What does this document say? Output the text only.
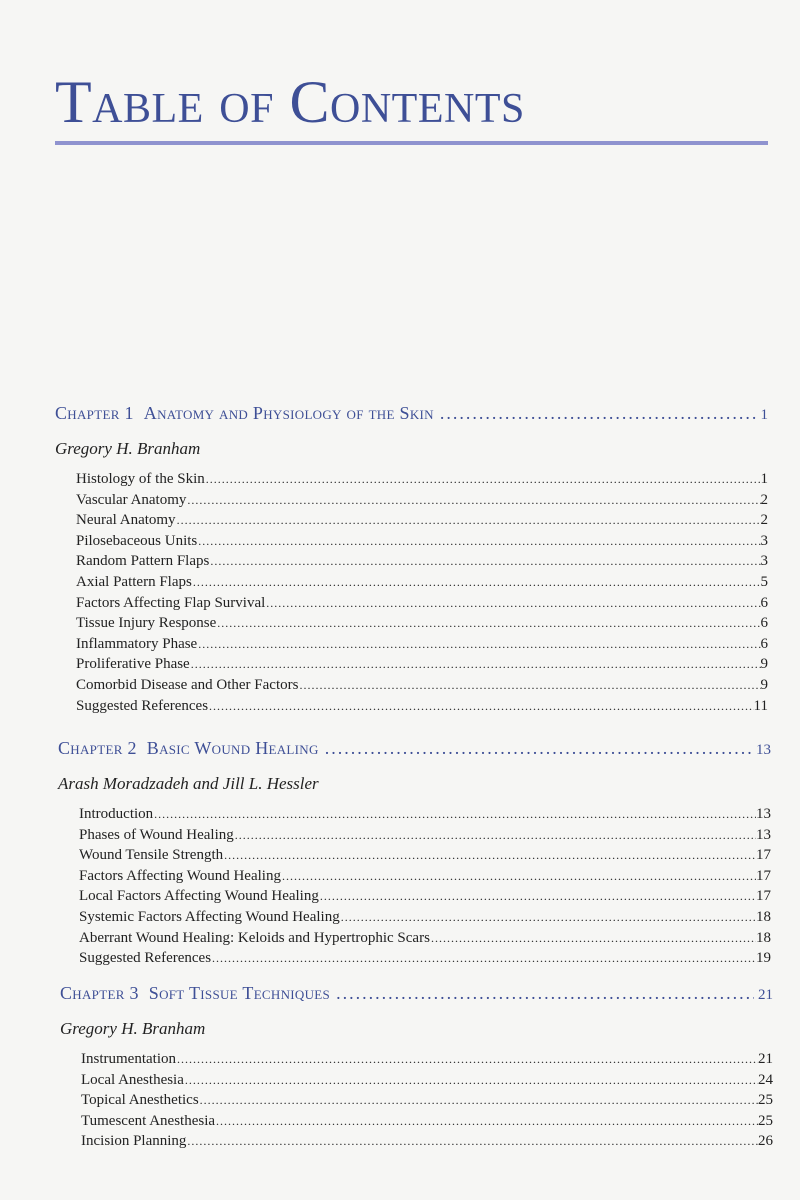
Table of Contents
Chapter 1 Anatomy and Physiology of the Skin .....	1
Gregory H. Branham
Histology of the Skin .....	1
Vascular Anatomy .....	2
Neural Anatomy .....	2
Pilosebaceous Units .....	3
Random Pattern Flaps .....	3
Axial Pattern Flaps .....	5
Factors Affecting Flap Survival .....	6
Tissue Injury Response .....	6
Inflammatory Phase .....	6
Proliferative Phase .....	9
Comorbid Disease and Other Factors .....	9
Suggested References .....	11
Chapter 2 Basic Wound Healing .....	13
Arash Moradzadeh and Jill L. Hessler
Introduction .....	13
Phases of Wound Healing .....	13
Wound Tensile Strength .....	17
Factors Affecting Wound Healing .....	17
Local Factors Affecting Wound Healing .....	17
Systemic Factors Affecting Wound Healing .....	18
Aberrant Wound Healing: Keloids and Hypertrophic Scars .....	18
Suggested References .....	19
Chapter 3 Soft Tissue Techniques .....	21
Gregory H. Branham
Instrumentation .....	21
Local Anesthesia .....	24
Topical Anesthetics .....	25
Tumescent Anesthesia .....	25
Incision Planning .....	26
